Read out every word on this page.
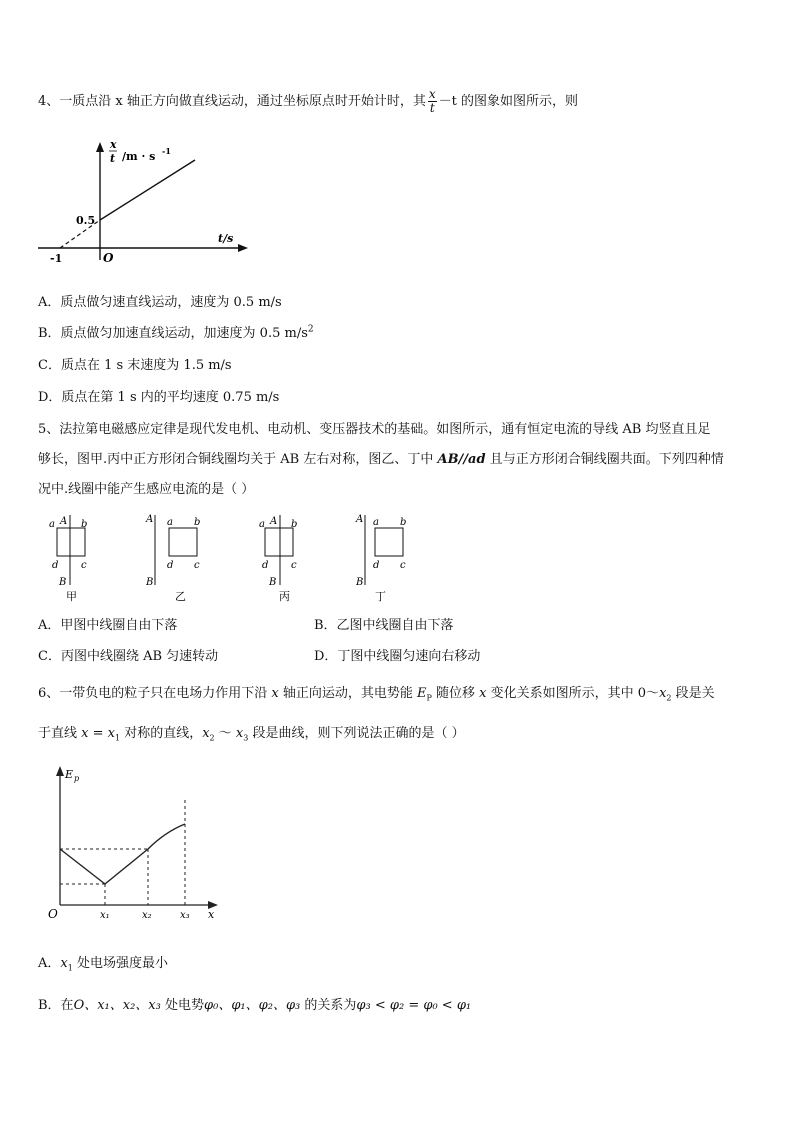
4、一质点沿 x 轴正方向做直线运动，通过坐标原点时开始计时，其 $\frac{x}{t} -t$ 的图象如图所示，则
x
t /m · s -1
t/s
0.5
-1	O
A．质点做匀速直线运动，速度为 0.5 m/s
B．质点做匀加速直线运动，加速度为 0.5 $m/s^2$
C．质点在 1 s 末速度为 1.5 m/s
D．质点在第 1 s 内的平均速度 0.75 m/s
5、法拉第电磁感应定律是现代发电机、电动机、变压器技术的基础。如图所示，通有恒定电流的导线 AB 均竖直且足
够长，图甲.丙中正方形闭合铜线圈均关于 AB 左右对称，图乙、丁中 AB//ad 且与正方形闭合铜线圈共面。下列四种情
况中.线圈中能产生感应电流的是（ ）
A
a	b
d c
B
甲
A a b
d c
B
乙
A
a	b
d c
B
丙
A a b
d c
B
丁
A．甲图中线圈自由下落	B．乙图中线圈自由下落
C．丙图中线圈绕 AB 匀速转动	D．丁图中线圈匀速向右移动
6、一带负电的粒子只在电场力作用下沿 x 轴正向运动，其电势能 $E_P$ 随位移 x 变化关系如图所示，其中 $0\sim x_2$ 段是关
于直线 $x = x_1$ 对称的直线，$x_2$ ～ $x_3$ 段是曲线，则下列说法正确的是（ ）
E p
O	x₁	x₂	x₃ x
A．$x_1$ 处电场强度最小
B．在O、x₁、x₂、x₃ 处电势φ₀、φ₁、φ₂、φ₃ 的关系为φ₃ < φ₂ = φ₀ < φ₁
